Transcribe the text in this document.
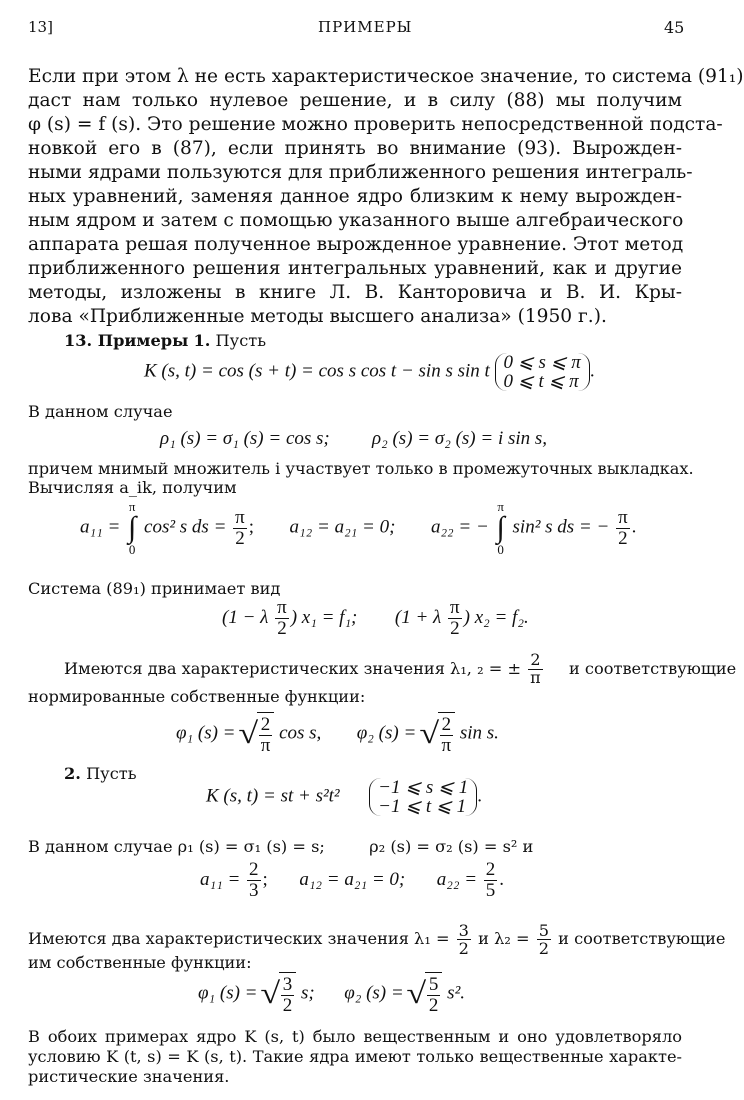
13]	ПРИМЕРЫ	45
Если при этом λ не есть характеристическое значение, то система (91₁)
даст нам только нулевое решение, и в силу (88) мы получим
φ (s) = f (s). Это решение можно проверить непосредственной подста-
новкой его в (87), если принять во внимание (93). Вырожден-
ными ядрами пользуются для приближенного решения интеграль-
ных уравнений, заменяя данное ядро близким к нему вырожден-
ным ядром и затем с помощью указанного выше алгебраического
аппарата решая полученное вырожденное уравнение. Этот метод
приближенного решения интегральных уравнений, как и другие
методы, изложены в книге Л. В. Канторовича и В. И. Кры-
лова «Приближенные методы высшего анализа» (1950 г.).
13. Примеры 1. Пусть
K (s, t) = cos (s + t) = cos s cos t − sin s sin t 0 ⩽ s ⩽ π
0 ⩽ t ⩽ π
.
В данном случае
ρ₁ (s) = σ₁ (s) = cos s; ρ₂ (s) = σ₂ (s) = i sin s,
причем мнимый множитель i участвует только в промежуточных выкладках.
Вычисляя a_ik, получим
a₁₁ =
π
∫
0
cos² s ds = $\frac{\pi}{2}$ ; a₁₂ = a₂₁ = 0; a₂₂ = −
π
∫
0
sin² s ds = − $\frac{\pi}{2}$ .
Система (89₁) принимает вид
(1 − λ $\frac{\pi}{2}$ ) x₁ = f₁; (1 + λ $\frac{\pi}{2}$ ) x₂ = f₂.
Имеются два характеристических значения λ₁, ₂ = ± $\frac{2}{\pi}$ и соответствующие
нормированные собственные функции:
φ₁ (s) = √ $\frac{2}{\pi}$ cos s, φ₂ (s) = √ $\frac{2}{\pi}$ sin s.
2. Пусть
K (s, t) = st + s²t² −1 ⩽ s ⩽ 1
−1 ⩽ t ⩽ 1
.
В данном случае ρ₁ (s) = σ₁ (s) = s;	ρ₂ (s) = σ₂ (s) = s² и
$a_{11} = \frac{2}{3}$ ; a₁₂ = a₂₁ = 0; $a_{22} = \frac{2}{5}$ .
Имеются два характеристических значения $\lambda_1 = \frac{3}{2}$ и $\lambda_2 = \frac{5}{2}$ и соответствующие
им собственные функции:
φ₁ (s) = √ $\frac{3}{2} s$; φ₂ (s) = √ $\frac{5}{2} s^2$.
В обоих примерах ядро K (s, t) было вещественным и оно удовлетворяло
условию K (t, s) = K (s, t). Такие ядра имеют только вещественные характе-
ристические значения.
